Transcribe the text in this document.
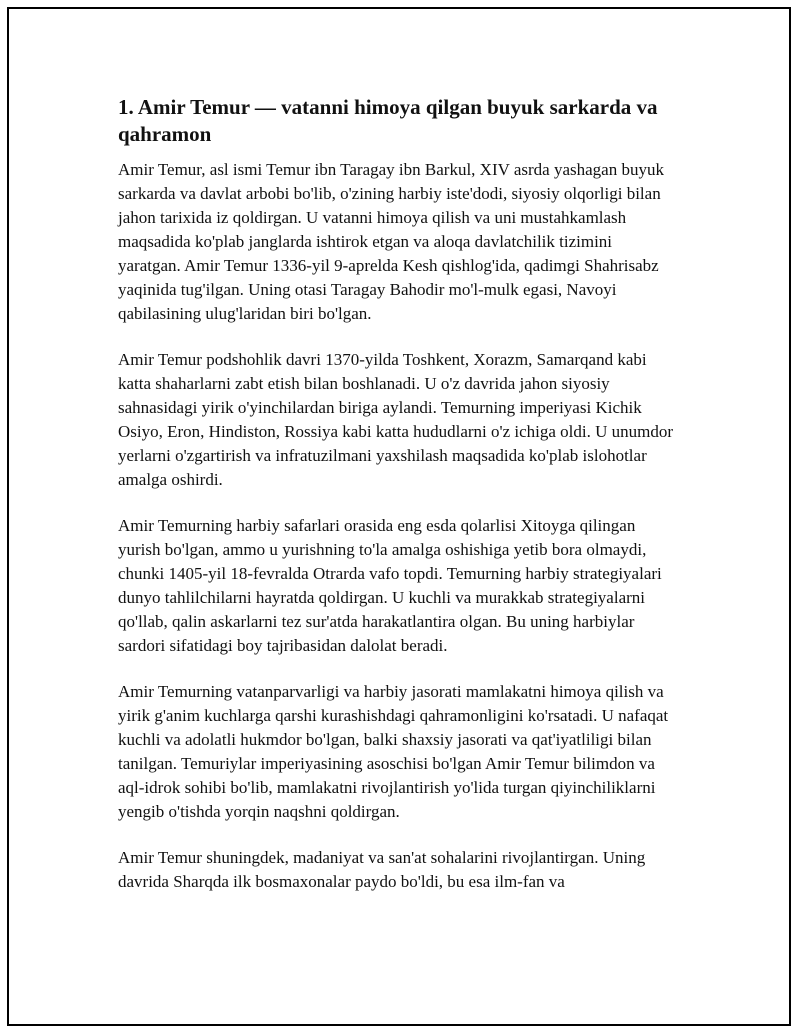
1. Amir Temur — vatanni himoya qilgan buyuk sarkarda va qahramon

Amir Temur, asl ismi Temur ibn Taragay ibn Barkul, XIV asrda yashagan buyuk sarkarda va davlat arbobi bo'lib, o'zining harbiy iste'dodi, siyosiy olqorligi bilan jahon tarixida iz qoldirgan. U vatanni himoya qilish va uni mustahkamlash maqsadida ko'plab janglarda ishtirok etgan va aloqa davlatchilik tizimini yaratgan. Amir Temur 1336-yil 9-aprelda Kesh qishlog'ida, qadimgi Shahrisabz yaqinida tug'ilgan. Uning otasi Taragay Bahodir mo'l-mulk egasi, Navoyi qabilasining ulug'laridan biri bo'lgan.

Amir Temur podshohlik davri 1370-yilda Toshkent, Xorazm, Samarqand kabi katta shaharlarni zabt etish bilan boshlanadi. U o'z davrida jahon siyosiy sahnasidagi yirik o'yinchilardan biriga aylandi. Temurning imperiyasi Kichik Osiyo, Eron, Hindiston, Rossiya kabi katta hududlarni o'z ichiga oldi. U unumdor yerlarni o'zgartirish va infratuzilmani yaxshilash maqsadida ko'plab islohotlar amalga oshirdi.

Amir Temurning harbiy safarlari orasida eng esda qolarlisi Xitoyga qilingan yurish bo'lgan, ammo u yurishning to'la amalga oshishiga yetib bora olmaydi, chunki 1405-yil 18-fevralda Otrarda vafo topdi. Temurning harbiy strategiyalari dunyo tahlilchilarni hayratda qoldirgan. U kuchli va murakkab strategiyalarni qo'llab, qalin askarlarni tez sur'atda harakatlantira olgan. Bu uning harbiylar sardori sifatidagi boy tajribasidan dalolat beradi.

Amir Temurning vatanparvarligi va harbiy jasorati mamlakatni himoya qilish va yirik g'anim kuchlarga qarshi kurashishdagi qahramonligini ko'rsatadi. U nafaqat kuchli va adolatli hukmdor bo'lgan, balki shaxsiy jasorati va qat'iyatliligi bilan tanilgan. Temuriylar imperiyasining asoschisi bo'lgan Amir Temur bilimdon va aql-idrok sohibi bo'lib, mamlakatni rivojlantirish yo'lida turgan qiyinchiliklarni yengib o'tishda yorqin naqshni qoldirgan.

Amir Temur shuningdek, madaniyat va san'at sohalarini rivojlantirgan. Uning davrida Sharqda ilk bosmaxonalar paydo bo'ldi, bu esa ilm-fan va
